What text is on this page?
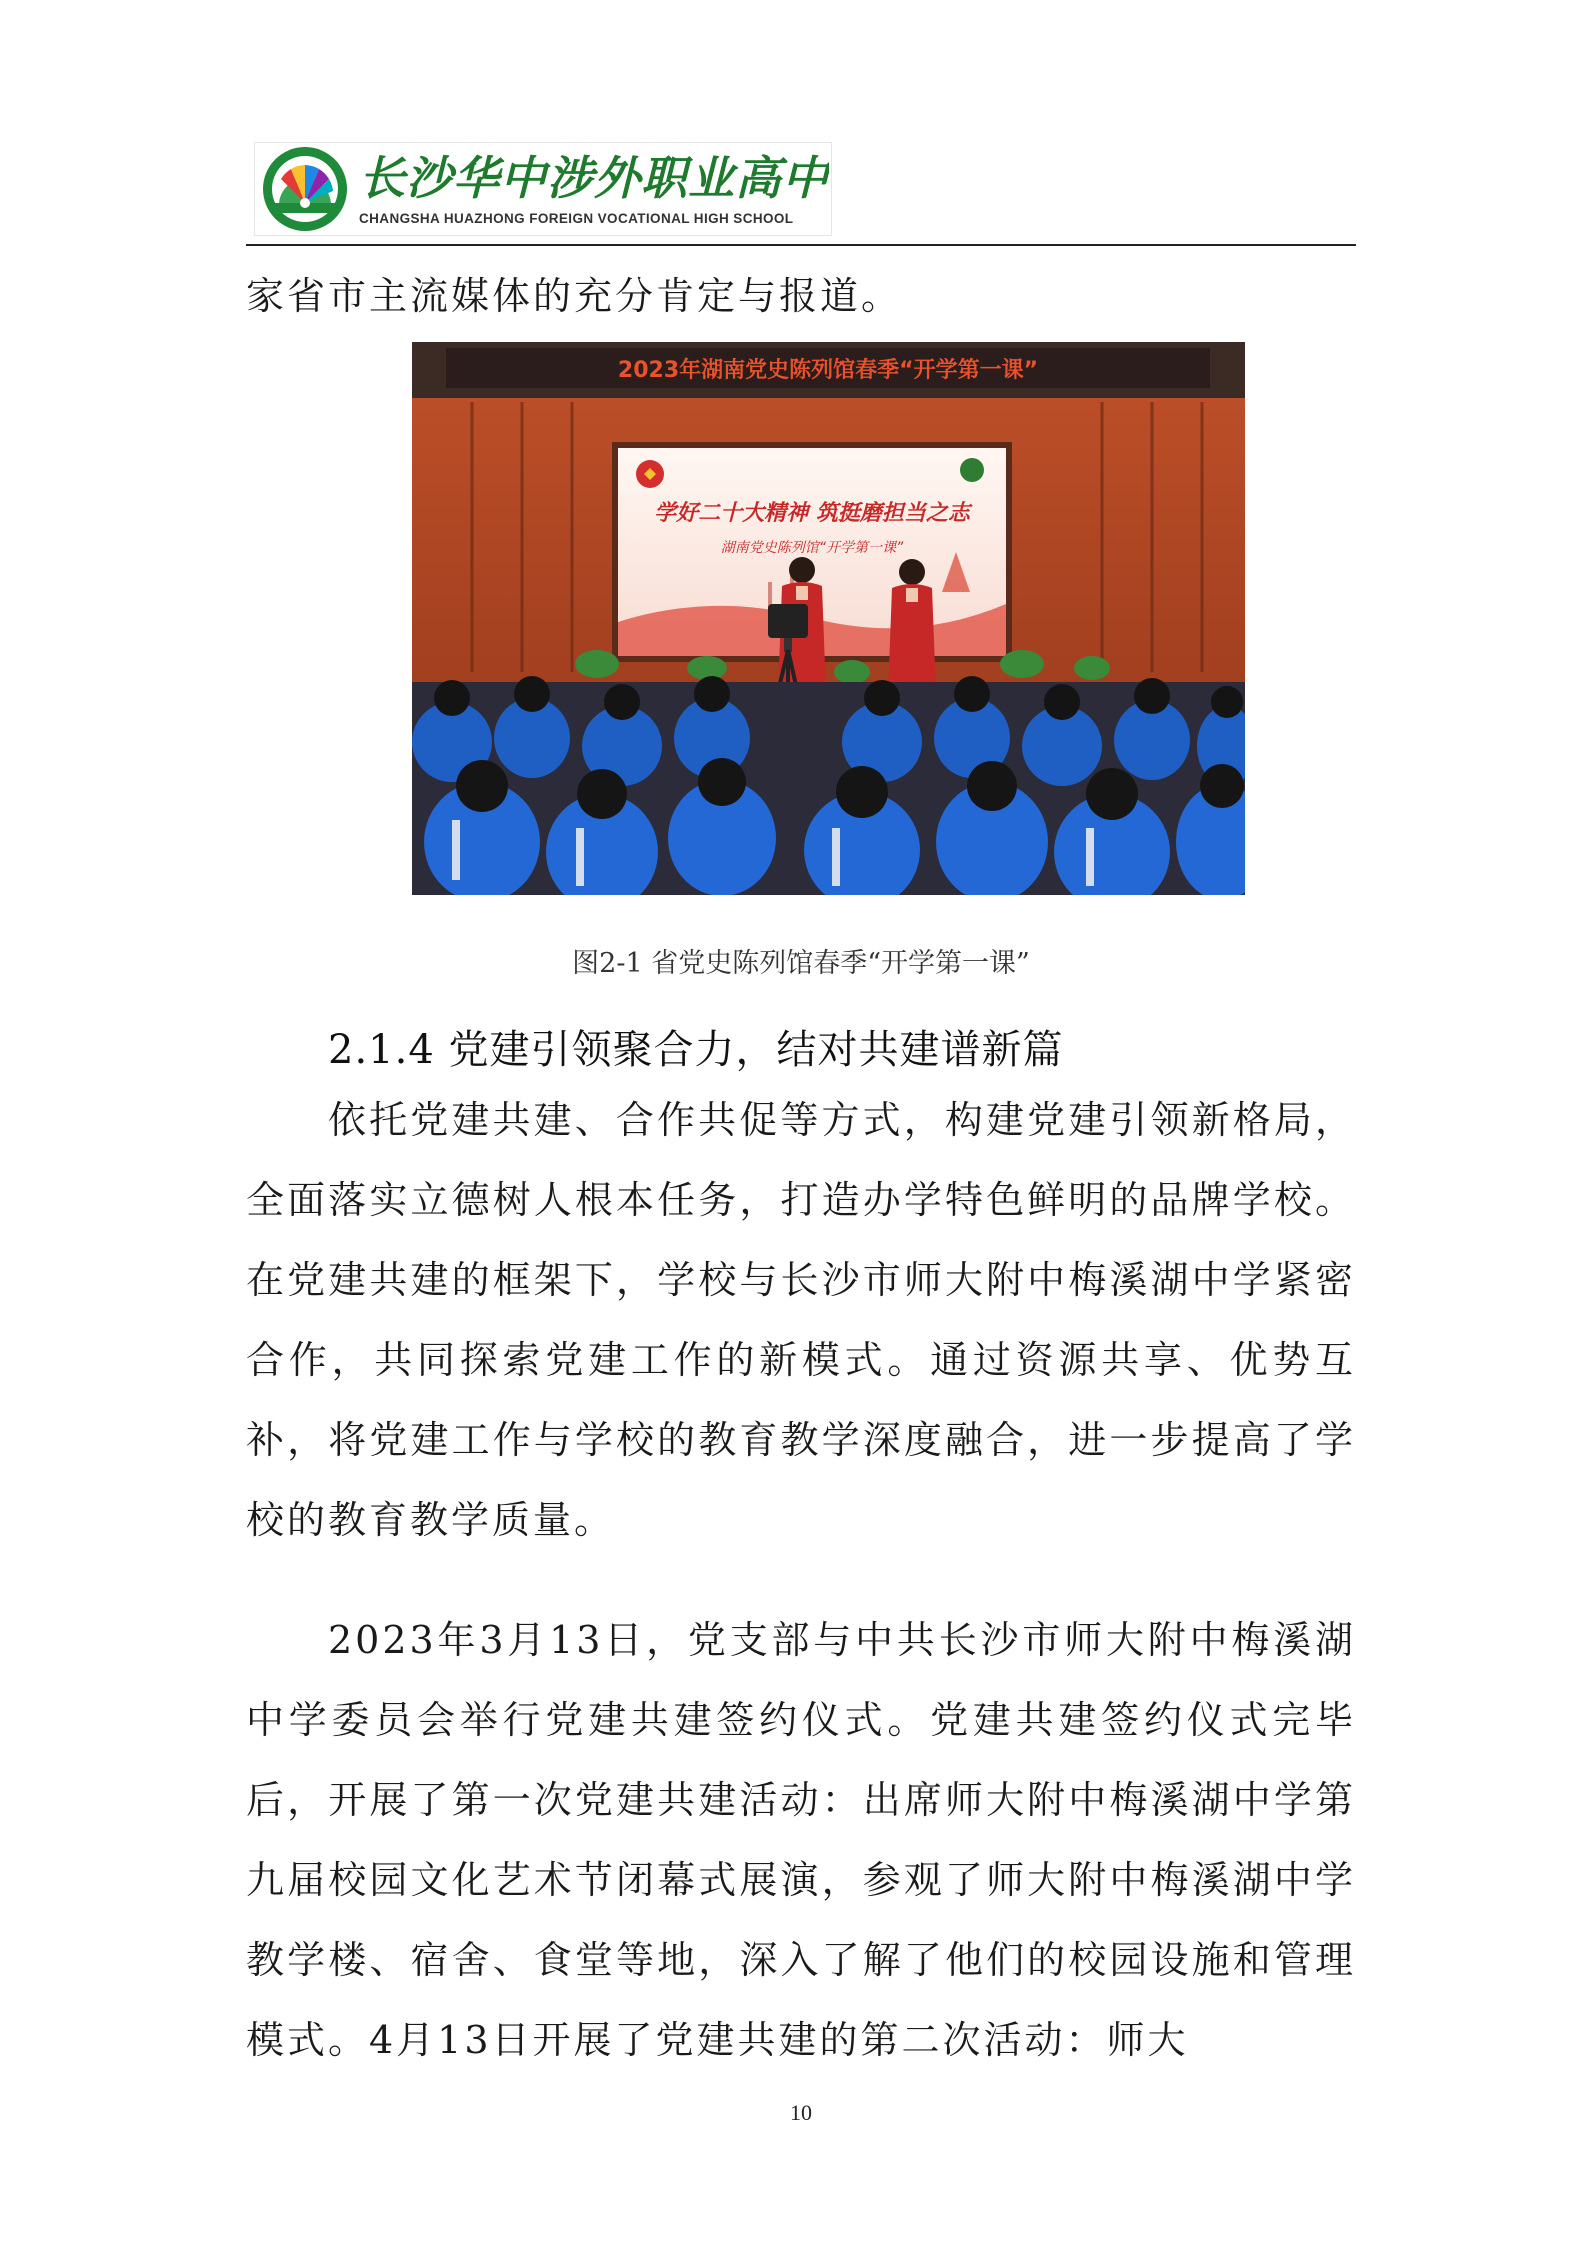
长沙华中涉外职业高中
CHANGSHA HUAZHONG FOREIGN VOCATIONAL HIGH SCHOOL

家省市主流媒体的充分肯定与报道。

2023年湖南党史陈列馆春季“开学第一课”
学好二十大精神 筑挺磨担当之志
湖南党史陈列馆“开学第一课”
图2-1 省党史陈列馆春季“开学第一课”
2.1.4 党建引领聚合力，结对共建谱新篇

依托党建共建、合作共促等方式，构建党建引领新格局，全面落实立德树人根本任务，打造办学特色鲜明的品牌学校。在党建共建的框架下，学校与长沙市师大附中梅溪湖中学紧密合作，共同探索党建工作的新模式。通过资源共享、优势互补，将党建工作与学校的教育教学深度融合，进一步提高了学校的教育教学质量。

2023年3月13日，党支部与中共长沙市师大附中梅溪湖中学委员会举行党建共建签约仪式。党建共建签约仪式完毕后，开展了第一次党建共建活动：出席师大附中梅溪湖中学第九届校园文化艺术节闭幕式展演，参观了师大附中梅溪湖中学教学楼、宿舍、食堂等地，深入了解了他们的校园设施和管理模式。4月13日开展了党建共建的第二次活动：师大

10
